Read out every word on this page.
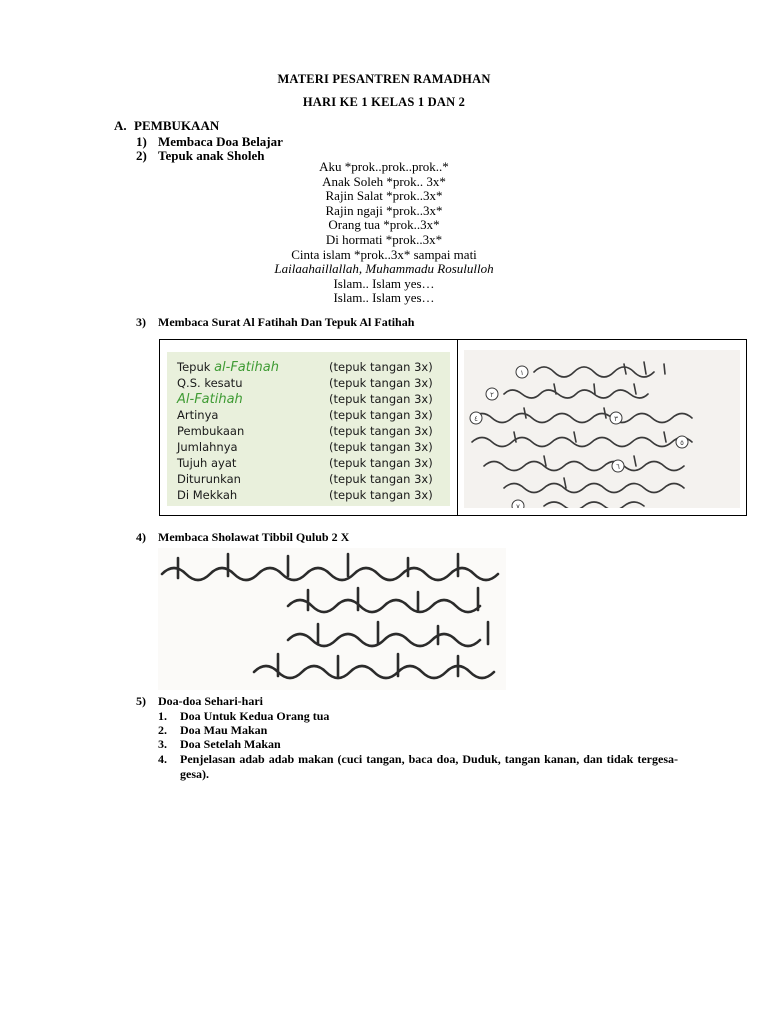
MATERI PESANTREN RAMADHAN
HARI KE 1 KELAS 1 DAN 2
A. PEMBUKAAN
1) Membaca Doa Belajar
2) Tepuk anak Sholeh
Aku *prok..prok..prok..*
Anak Soleh *prok.. 3x*
Rajin Salat *prok..3x*
Rajin ngaji *prok..3x*
Orang tua *prok..3x*
Di hormati *prok..3x*
Cinta islam *prok..3x* sampai mati
Lailaahaillallah, Muhammadu Rosululloh
Islam.. Islam yes…
Islam.. Islam yes…
3) Membaca Surat Al Fatihah Dan Tepuk Al Fatihah
Tepuk al-Fatihah	(tepuk tangan 3x)
Q.S. kesatu	(tepuk tangan 3x)
Al-Fatihah	(tepuk tangan 3x)
Artinya	(tepuk tangan 3x)
Pembukaan	(tepuk tangan 3x)
Jumlahnya	(tepuk tangan 3x)
Tujuh ayat	(tepuk tangan 3x)
Diturunkan	(tepuk tangan 3x)
Di Mekkah	(tepuk tangan 3x)
١
٢
٣
٤
٥
٦
٧
4) Membaca Sholawat Tibbil Qulub 2 X
5) Doa-doa Sehari-hari
1. Doa Untuk Kedua Orang tua
2. Doa Mau Makan
3. Doa Setelah Makan
4. Penjelasan adab adab makan (cuci tangan, baca doa, Duduk, tangan kanan, dan tidak tergesa-gesa).
